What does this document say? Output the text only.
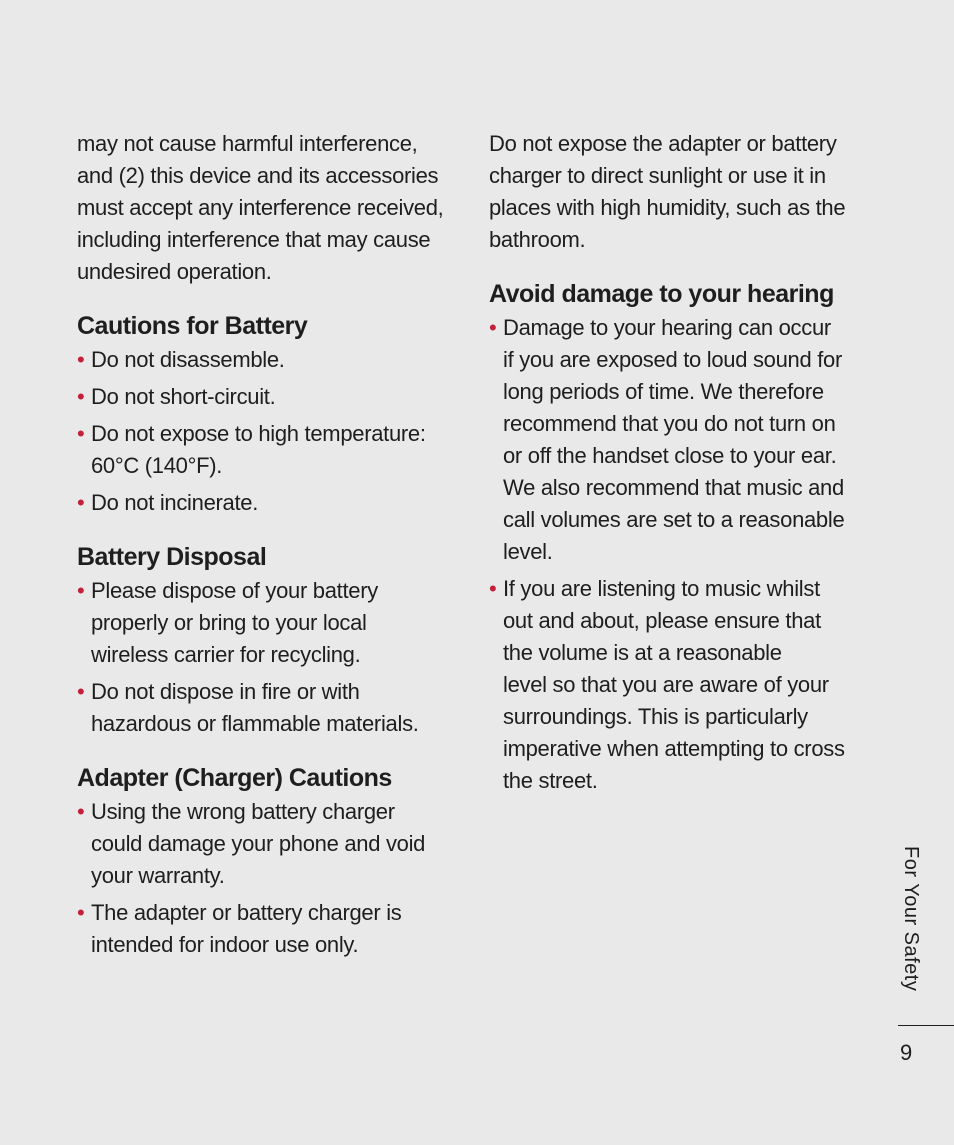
may not cause harmful interference,
and (2) this device and its accessories
must accept any interference received,
including interference that may cause
undesired operation.

Cautions for Battery
• Do not disassemble.
• Do not short-circuit.
• Do not expose to high temperature:
60°C (140°F).
• Do not incinerate.
Battery Disposal
• Please dispose of your battery
properly or bring to your local
wireless carrier for recycling.
• Do not dispose in fire or with
hazardous or flammable materials.
Adapter (Charger) Cautions
• Using the wrong battery charger
could damage your phone and void
your warranty.
• The adapter or battery charger is
intended for indoor use only.

Do not expose the adapter or battery
charger to direct sunlight or use it in
places with high humidity, such as the
bathroom.

Avoid damage to your hearing
• Damage to your hearing can occur
if you are exposed to loud sound for
long periods of time. We therefore
recommend that you do not turn on
or off the handset close to your ear.
We also recommend that music and
call volumes are set to a reasonable
level.
• If you are listening to music whilst
out and about, please ensure that
the volume is at a reasonable
level so that you are aware of your
surroundings. This is particularly
imperative when attempting to cross
the street.
For Your Safety
9
